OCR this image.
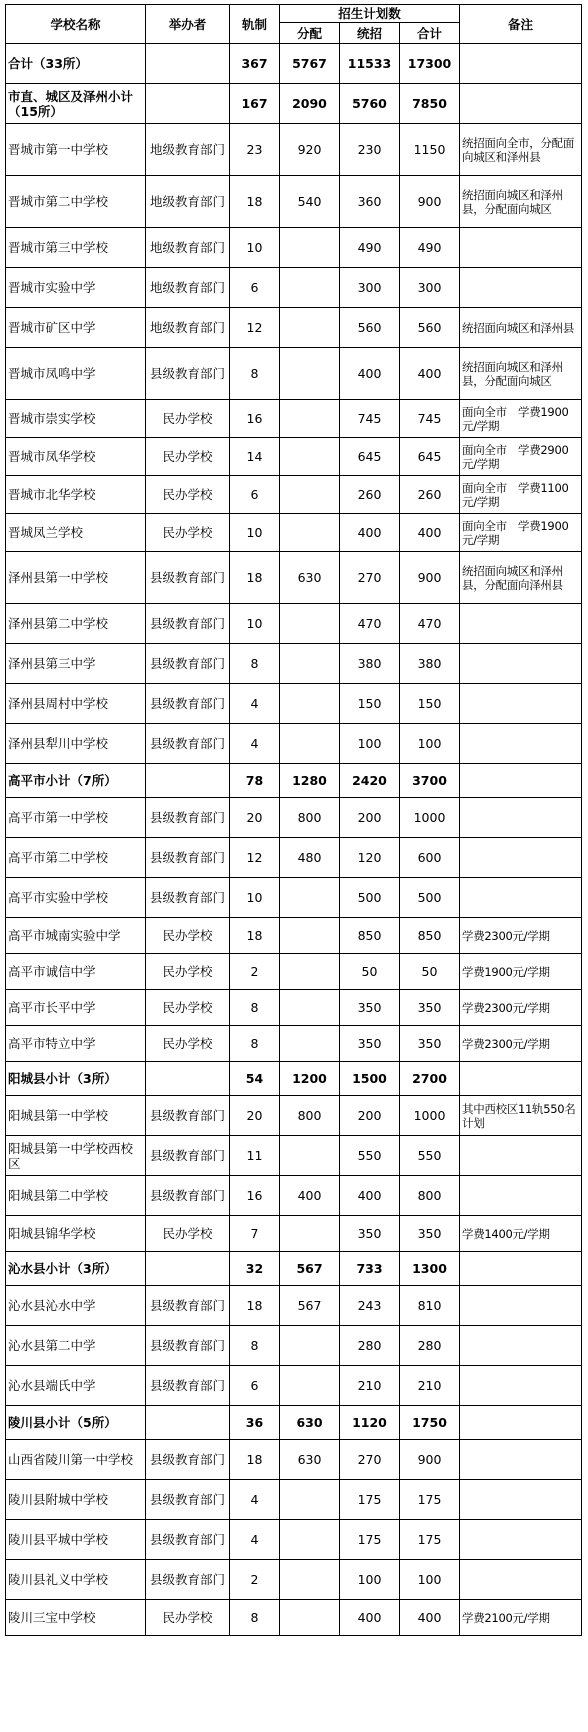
学校名称	举办者	轨制	招生计划数			备注
			分配	统招	合计	
合计（33所）		367	5767	11533	17300	
市直、城区及泽州小计（15所）		167	2090	5760	7850	
晋城市第一中学校	地级教育部门	23	920	230	1150	统招面向全市，分配面向城区和泽州县
晋城市第二中学校	地级教育部门	18	540	360	900	统招面向城区和泽州县，分配面向城区
晋城市第三中学校	地级教育部门	10		490	490	
晋城市实验中学	地级教育部门	6		300	300	
晋城市矿区中学	地级教育部门	12		560	560	统招面向城区和泽州县
晋城市凤鸣中学	县级教育部门	8		400	400	统招面向城区和泽州县，分配面向城区
晋城市崇实学校	民办学校	16		745	745	面向全市　学费1900元/学期
晋城市凤华学校	民办学校	14		645	645	面向全市　学费2900元/学期
晋城市北华学校	民办学校	6		260	260	面向全市　学费1100元/学期
晋城凤兰学校	民办学校	10		400	400	面向全市　学费1900元/学期
泽州县第一中学校	县级教育部门	18	630	270	900	统招面向城区和泽州县，分配面向泽州县
泽州县第二中学校	县级教育部门	10		470	470	
泽州县第三中学	县级教育部门	8		380	380	
泽州县周村中学校	县级教育部门	4		150	150	
泽州县犁川中学校	县级教育部门	4		100	100	
高平市小计（7所）		78	1280	2420	3700	
高平市第一中学校	县级教育部门	20	800	200	1000	
高平市第二中学校	县级教育部门	12	480	120	600	
高平市实验中学校	县级教育部门	10		500	500	
高平市城南实验中学	民办学校	18		850	850	学费2300元/学期
高平市诚信中学	民办学校	2		50	50	学费1900元/学期
高平市长平中学	民办学校	8		350	350	学费2300元/学期
高平市特立中学	民办学校	8		350	350	学费2300元/学期
阳城县小计（3所）		54	1200	1500	2700	
阳城县第一中学校	县级教育部门	20	800	200	1000	其中西校区11轨550名计划
阳城县第一中学校西校区	县级教育部门	11		550	550	
阳城县第二中学校	县级教育部门	16	400	400	800	
阳城县锦华学校	民办学校	7		350	350	学费1400元/学期
沁水县小计（3所）		32	567	733	1300	
沁水县沁水中学	县级教育部门	18	567	243	810	
沁水县第二中学	县级教育部门	8		280	280	
沁水县端氏中学	县级教育部门	6		210	210	
陵川县小计（5所）		36	630	1120	1750	
山西省陵川第一中学校	县级教育部门	18	630	270	900	
陵川县附城中学校	县级教育部门	4		175	175	
陵川县平城中学校	县级教育部门	4		175	175	
陵川县礼义中学校	县级教育部门	2		100	100	
陵川三宝中学校	民办学校	8		400	400	学费2100元/学期
